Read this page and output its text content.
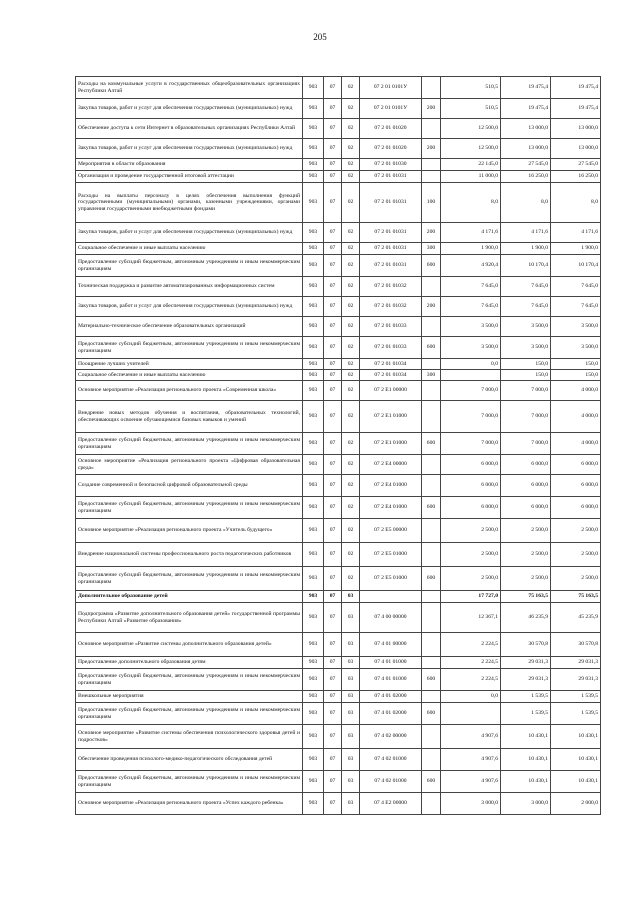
205
Расходы на коммунальные услуги в государственных общеобразовательных организациях Республики Алтай	903	07	02	07 2 01 0101У		510,5	19 475,4	19 475,4
Закупка товаров, работ и услуг для обеспечения государственных (муниципальных) нужд	903	07	02	07 2 01 0101У	200	510,5	19 475,4	19 475,4
Обеспечение доступа к сети Интернет в образовательных организациях Республики Алтай	903	07	02	07 2 01 01020		12 500,0	13 000,0	13 000,0
Закупка товаров, работ и услуг для обеспечения государственных (муниципальных) нужд	903	07	02	07 2 01 01020	200	12 500,0	13 000,0	13 000,0
Мероприятия в области образования	903	07	02	07 2 01 01030		22 145,0	27 545,0	27 545,0
Организация и проведение государственной итоговой аттестации	903	07	02	07 2 01 01031		11 000,0	16 250,0	16 250,0
Расходы на выплаты персоналу в целях обеспечения выполнения функций государственными (муниципальными) органами, казенными учреждениями, органами управления государственными внебюджетными фондами	903	07	02	07 2 01 01031	100	8,0	8,0	8,0
Закупка товаров, работ и услуг для обеспечения государственных (муниципальных) нужд	903	07	02	07 2 01 01031	200	4 171,6	4 171,6	4 171,6
Социальное обеспечение и иные выплаты населению	903	07	02	07 2 01 01031	300	1 900,0	1 900,0	1 900,0
Предоставление субсидий бюджетным, автономным учреждениям и иным некоммерческим организациям	903	07	02	07 2 01 01031	600	4 920,4	10 170,4	10 170,4
Техническая поддержка и развитие автоматизированных информационных систем	903	07	02	07 2 01 01032		7 645,0	7 645,0	7 645,0
Закупка товаров, работ и услуг для обеспечения государственных (муниципальных) нужд	903	07	02	07 2 01 01032	200	7 645,0	7 645,0	7 645,0
Материально-техническое обеспечение образовательных организаций	903	07	02	07 2 01 01033		3 500,0	3 500,0	3 500,0
Предоставление субсидий бюджетным, автономным учреждениям и иным некоммерческим организациям	903	07	02	07 2 01 01033	600	3 500,0	3 500,0	3 500,0
Поощрение лучших учителей	903	07	02	07 2 01 01034		0,0	150,0	150,0
Социальное обеспечение и иные выплаты населению	903	07	02	07 2 01 01034	300		150,0	150,0
Основное мероприятие «Реализация регионального проекта «Современная школа»	903	07	02	07 2 E1 00000		7 000,0	7 000,0	4 000,0
Внедрение новых методов обучения и воспитания, образовательных технологий, обеспечивающих освоение обучающимися базовых навыков и умений	903	07	02	07 2 E1 01000		7 000,0	7 000,0	4 000,0
Предоставление субсидий бюджетным, автономным учреждениям и иным некоммерческим организациям	903	07	02	07 2 E1 01000	600	7 000,0	7 000,0	4 000,0
Основное мероприятие «Реализация регионального проекта «Цифровая образовательная среда»	903	07	02	07 2 E4 00000		6 000,0	6 000,0	6 000,0
Создание современной и безопасной цифровой образовательной среды	903	07	02	07 2 E4 01000		6 000,0	6 000,0	6 000,0
Предоставление субсидий бюджетным, автономным учреждениям и иным некоммерческим организациям	903	07	02	07 2 E4 01000	600	6 000,0	6 000,0	6 000,0
Основное мероприятие «Реализация регионального проекта «Учитель будущего»	903	07	02	07 2 E5 00000		2 500,0	2 500,0	2 500,0
Внедрение национальной системы профессионального роста педагогических работников	903	07	02	07 2 E5 01000		2 500,0	2 500,0	2 500,0
Предоставление субсидий бюджетным, автономным учреждениям и иным некоммерческим организациям	903	07	02	07 2 E5 01000	600	2 500,0	2 500,0	2 500,0
Дополнительное образование детей	903	07	03			17 727,0	75 163,5	75 163,5
Подпрограмма «Развитие дополнительного образования детей» государственной программы Республики Алтай «Развитие образования»	903	07	03	07 4 00 00000		12 367,1	46 235,9	45 235,9
Основное мероприятие «Развитие системы дополнительного образования детей»	903	07	03	07 4 01 00000		2 224,5	30 570,8	30 570,8
Предоставление дополнительного образования детям	903	07	03	07 4 01 01000		2 224,5	29 031,3	29 031,3
Предоставление субсидий бюджетным, автономным учреждениям и иным некоммерческим организациям	903	07	03	07 4 01 01000	600	2 224,5	29 031,3	29 031,3
Внешкольные мероприятия	903	07	03	07 4 01 02000		0,0	1 539,5	1 539,5
Предоставление субсидий бюджетным, автономным учреждениям и иным некоммерческим организациям	903	07	03	07 4 01 02000	600		1 539,5	1 539,5
Основное мероприятие «Развитие системы обеспечения психологического здоровья детей и подростков»	903	07	03	07 4 02 00000		4 907,6	10 430,1	10 430,1
Обеспечение проведения психолого-медико-педагогического обследования детей	903	07	03	07 4 02 01000		4 907,6	10 430,1	10 430,1
Предоставление субсидий бюджетным, автономным учреждениям и иным некоммерческим организациям	903	07	03	07 4 02 01000	600	4 907,6	10 430,1	10 430,1
Основное мероприятие «Реализация регионального проекта «Успех каждого ребенка»	903	07	03	07 4 E2 00000		3 000,0	3 000,0	2 000,0
